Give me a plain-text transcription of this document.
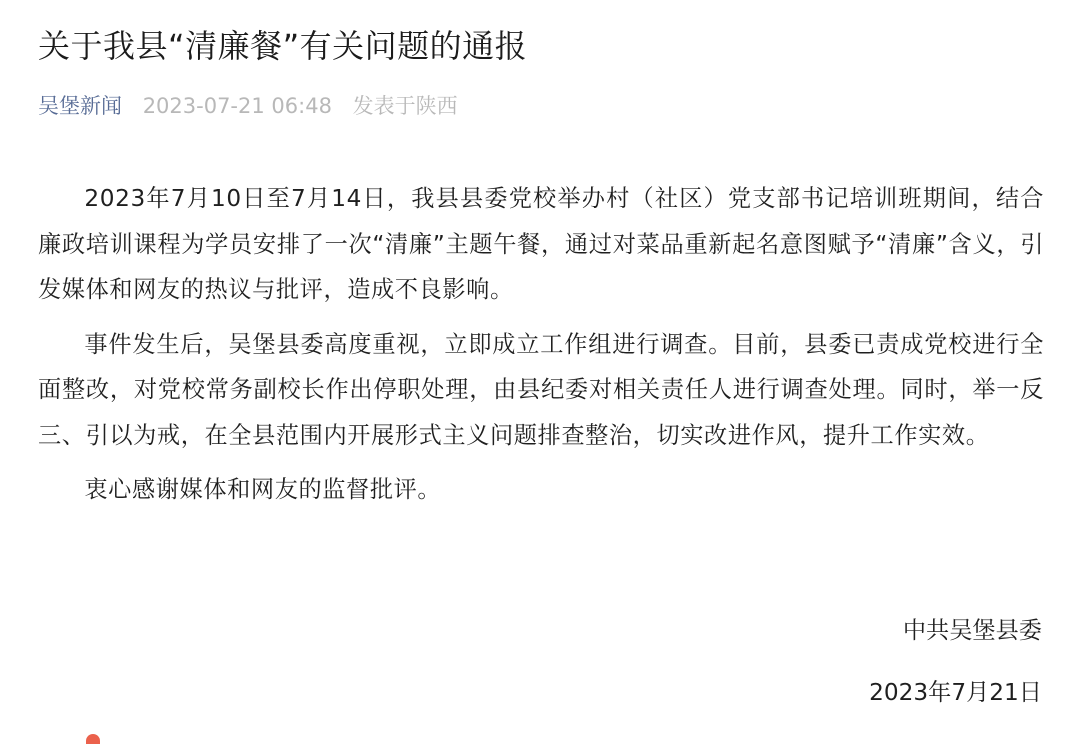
关于我县“清廉餐”有关问题的通报
吴堡新闻 2023-07-21 06:48 发表于陕西

2023年7月10日至7月14日，我县县委党校举办村（社区）党支部书记培训班期间，结合廉政培训课程为学员安排了一次“清廉”主题午餐，通过对菜品重新起名意图赋予“清廉”含义，引发媒体和网友的热议与批评，造成不良影响。

事件发生后，吴堡县委高度重视，立即成立工作组进行调查。目前，县委已责成党校进行全面整改，对党校常务副校长作出停职处理，由县纪委对相关责任人进行调查处理。同时，举一反三、引以为戒，在全县范围内开展形式主义问题排查整治，切实改进作风，提升工作实效。

衷心感谢媒体和网友的监督批评。

中共吴堡县委
2023年7月21日
